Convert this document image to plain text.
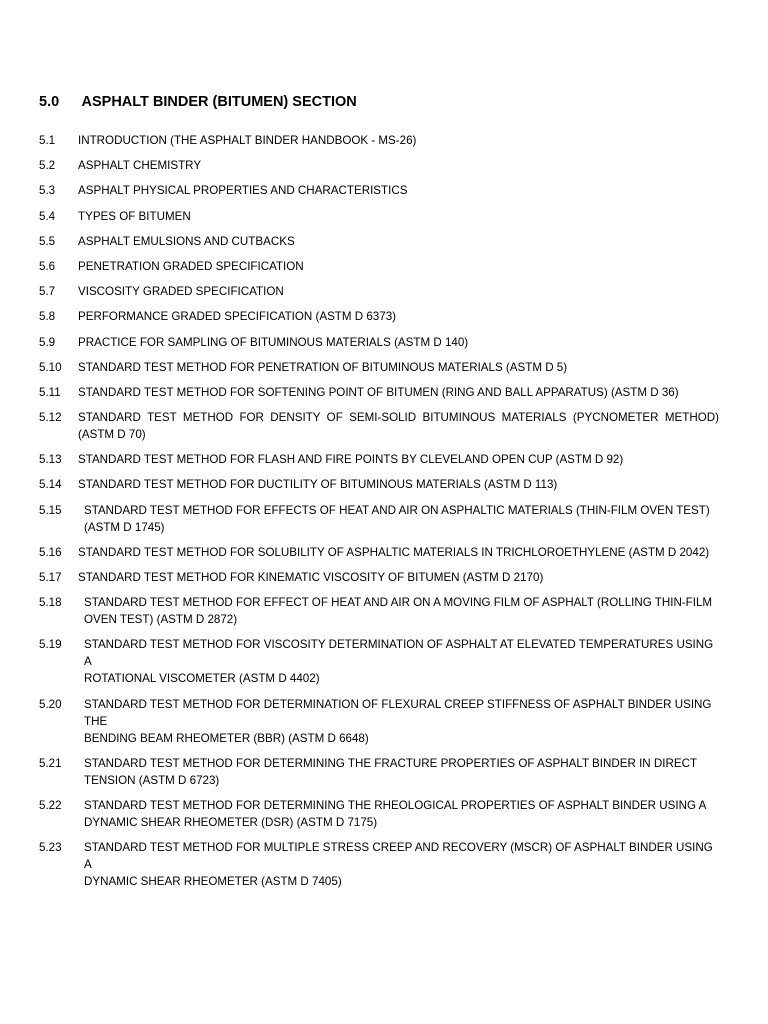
5.0 ASPHALT BINDER (BITUMEN) SECTION
5.1	INTRODUCTION (THE ASPHALT BINDER HANDBOOK - MS-26)
5.2	ASPHALT CHEMISTRY
5.3	ASPHALT PHYSICAL PROPERTIES AND CHARACTERISTICS
5.4	TYPES OF BITUMEN
5.5	ASPHALT EMULSIONS AND CUTBACKS
5.6	PENETRATION GRADED SPECIFICATION
5.7	VISCOSITY GRADED SPECIFICATION
5.8	PERFORMANCE GRADED SPECIFICATION (ASTM D 6373)
5.9	PRACTICE FOR SAMPLING OF BITUMINOUS MATERIALS (ASTM D 140)
5.10	STANDARD TEST METHOD FOR PENETRATION OF BITUMINOUS MATERIALS (ASTM D 5)
5.11	STANDARD TEST METHOD FOR SOFTENING POINT OF BITUMEN (RING AND BALL APPARATUS) (ASTM D 36)
5.12	STANDARD TEST METHOD FOR DENSITY OF SEMI-SOLID BITUMINOUS MATERIALS (PYCNOMETER METHOD) (ASTM D 70)
5.13	STANDARD TEST METHOD FOR FLASH AND FIRE POINTS BY CLEVELAND OPEN CUP (ASTM D 92)
5.14	STANDARD TEST METHOD FOR DUCTILITY OF BITUMINOUS MATERIALS (ASTM D 113)
5.15	STANDARD TEST METHOD FOR EFFECTS OF HEAT AND AIR ON ASPHALTIC MATERIALS (THIN-FILM OVEN TEST)
(ASTM D 1745)
5.16	STANDARD TEST METHOD FOR SOLUBILITY OF ASPHALTIC MATERIALS IN TRICHLOROETHYLENE (ASTM D 2042)
5.17	STANDARD TEST METHOD FOR KINEMATIC VISCOSITY OF BITUMEN (ASTM D 2170)
5.18	STANDARD TEST METHOD FOR EFFECT OF HEAT AND AIR ON A MOVING FILM OF ASPHALT (ROLLING THIN-FILM
OVEN TEST) (ASTM D 2872)
5.19	STANDARD TEST METHOD FOR VISCOSITY DETERMINATION OF ASPHALT AT ELEVATED TEMPERATURES USING A
ROTATIONAL VISCOMETER (ASTM D 4402)
5.20	STANDARD TEST METHOD FOR DETERMINATION OF FLEXURAL CREEP STIFFNESS OF ASPHALT BINDER USING THE
BENDING BEAM RHEOMETER (BBR) (ASTM D 6648)
5.21	STANDARD TEST METHOD FOR DETERMINING THE FRACTURE PROPERTIES OF ASPHALT BINDER IN DIRECT
TENSION (ASTM D 6723)
5.22	STANDARD TEST METHOD FOR DETERMINING THE RHEOLOGICAL PROPERTIES OF ASPHALT BINDER USING A
DYNAMIC SHEAR RHEOMETER (DSR) (ASTM D 7175)
5.23	STANDARD TEST METHOD FOR MULTIPLE STRESS CREEP AND RECOVERY (MSCR) OF ASPHALT BINDER USING A
DYNAMIC SHEAR RHEOMETER (ASTM D 7405)
